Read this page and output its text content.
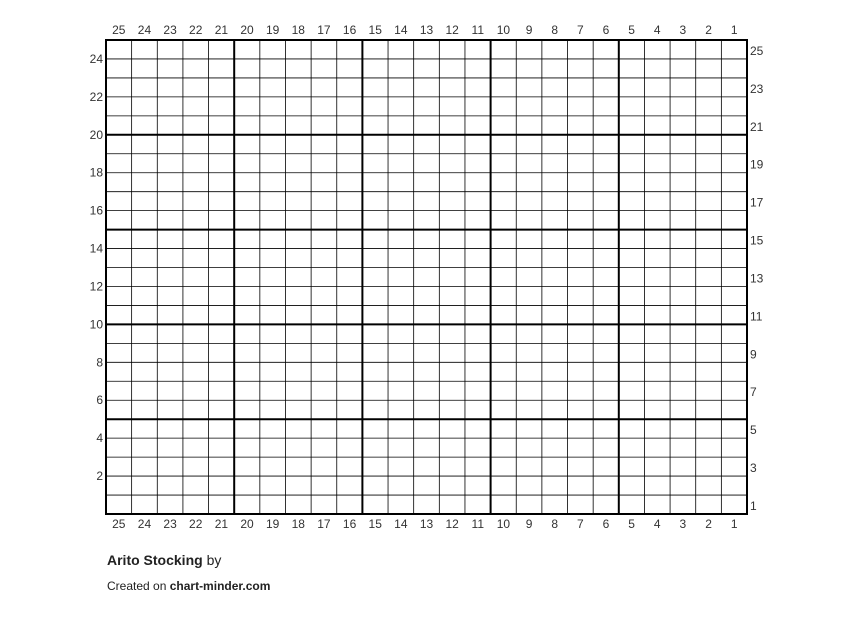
25
25
24
24
23
23
22
22
21
21
20
20
19
19
18
18
17
17
16
16
15
15
14
14
13
13
12
12
11
11
10
10
9
9
8
8
7
7
6
6
5
5
4
4
3
3
2
2
1
1
24
22
20
18
16
14
12
10
8
6
4
2
25
23
21
19
17
15
13
11
9
7
5
3
1
Arito Stocking by
Created on chart-minder.com
